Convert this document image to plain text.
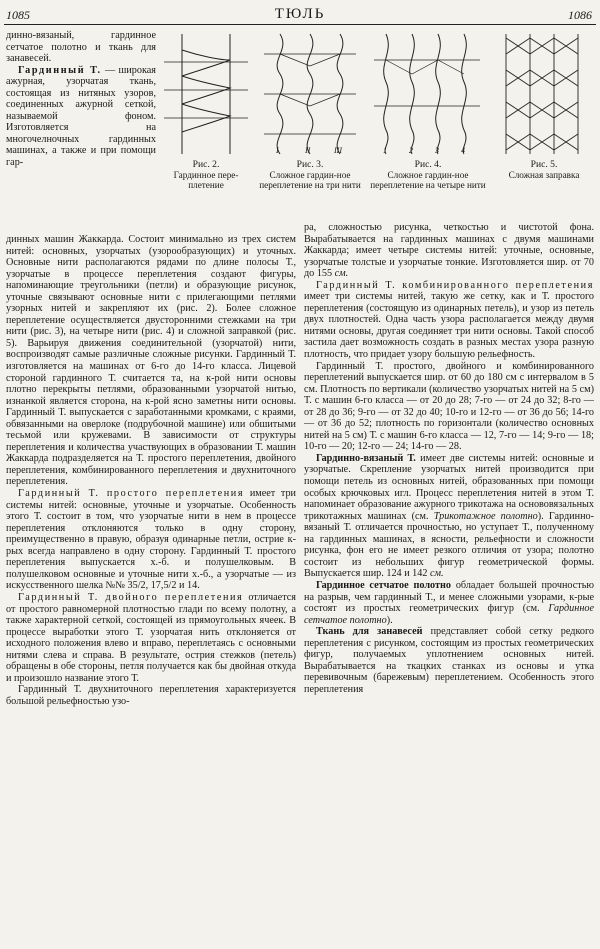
1085	ТЮЛЬ	1086

динно-вязаный, гардинное сетчатое полотно и ткань для занавесей.

Гардинный Т. — широкая ажурная, узорчатая ткань, состоящая из нитяных узоров, соединенных ажурной сеткой, называемой фоном. Изготовляется на многочелночных гардинных машинах, а также и при помощи гар-	Рис. 2.
Гардинное пере-плетение
I	II	III
Рис. 3.
Сложное гардин-ное переплетение на три нити
1	2	3	4
Рис. 4.
Сложное гардин-ное переплетение на четыре нити
Рис. 5.
Сложная заправка

динных машин Жаккарда. Состоит минимально из трех систем нитей: основных, узорчатых (узорообразующих) и уточных. Основные нити располагаются рядами по длине полосы Т., узорчатые в процессе переплетения создают фигуры, напоминающие треугольники (петли) и образующие рисунок, уточные связывают основные нити с прилегающими петлями узорных нитей и закрепляют их (рис. 2). Более сложное переплетение осуществляется двусторонними стежками на три нити (рис. 3), на четыре нити (рис. 4) и сложной заправкой (рис. 5). Варьируя движения соединительной (узорчатой) нити, воспроизводят самые различные сложные рисунки. Гардинный Т. изготовляется на машинах от 6-го до 14-го класса. Лицевой стороной гардинного Т. считается та, на к-рой нити основы плотно перекрыты петлями, образованными узорчатой нитью, изнанкой является сторона, на к-рой ясно заметны нити основы. Гардинный Т. выпускается с заработанными кромками, с краями, обвязанными на оверлоке (подрубочной машине) или обшитыми тесьмой или кружевами. В зависимости от структуры переплетения и количества участвующих в образовании Т. машин Жаккарда подразделяется на Т. простого переплетения, двойного переплетения, комбинированного переплетения и двухниточного переплетения.

Гардинный Т. простого переплетения имеет три системы нитей: основные, уточные и узорчатые. Особенность этого Т. состоит в том, что узорчатые нити в нем в процессе переплетения отклоняются только в одну сторону, преимущественно в правую, образуя одинарные петли, острие к-рых всегда направлено в одну сторону. Гардинный Т. простого переплетения выпускается х.-б. и полушелковым. В полушелковом основные и уточные нити х.-б., а узорчатые — из искусственного шелка №№ 35/2, 17,5/2 и 14.

Гардинный Т. двойного переплетения отличается от простого равномерной плотностью глади по всему полотну, а также характерной сеткой, состоящей из прямоугольных ячеек. В процессе выработки этого Т. узорчатая нить отклоняется от исходного положения влево и вправо, переплетаясь с основными нитями слева и справа. В результате, острия стежков (петель) обращены в обе стороны, петля получается как бы двойная откуда и произошло название этого Т.

Гардинный Т. двухниточного переплетения характеризуется большой рельефностью узо-

ра, сложностью рисунка, четкостью и чистотой фона. Вырабатывается на гардинных машинах с двумя машинами Жаккарда; имеет четыре системы нитей: уточные, основные, узорчатые толстые и узорчатые тонкие. Изготовляется шир. от 70 до 155 см.

Гардинный Т. комбинированного переплетения имеет три системы нитей, такую же сетку, как и Т. простого переплетения (состоящую из одинарных петель), и узор из петель двух плотностей. Одна часть узора располагается между двумя нитями основы, другая соединяет три нити основы. Такой способ застила дает возможность создать в разных местах узора разную плотность, что придает узору большую рельефность.

Гардинный Т. простого, двойного и комбинированного переплетений выпускается шир. от 60 до 180 см с интервалом в 5 см. Плотность по вертикали (количество узорчатых нитей на 5 см) Т. с машин 6-го класса — от 20 до 28; 7-го — от 24 до 32; 8-го — от 28 до 36; 9-го — от 32 до 40; 10-го и 12-го — от 36 до 56; 14-го — от 36 до 52; плотность по горизонтали (количество основных нитей на 5 см) Т. с машин 6-го класса — 12, 7-го — 14; 9-го — 18; 10-го — 20; 12-го — 24; 14-го — 28.

Гардинно-вязаный Т. имеет две системы нитей: основные и узорчатые. Скрепление узорчатых нитей производится при помощи петель из основных нитей, образованных при помощи особых крючковых игл. Процесс переплетения нитей в этом Т. напоминает образование ажурного трикотажа на основовязальных трикотажных машинах (см. Трикотажное полотно). Гардинно-вязаный Т. отличается прочностью, но уступает Т., полученному на гардинных машинах, в ясности, рельефности и сложности рисунка, фон его не имеет резкого отличия от узора; полотно состоит из небольших фигур геометрической формы. Выпускается шир. 124 и 142 см.

Гардинное сетчатое полотно обладает большей прочностью на разрыв, чем гардинный Т., и менее сложными узорами, к-рые состоят из простых геометрических фигур (см. Гардинное сетчатое полотно).

Ткань для занавесей представляет собой сетку редкого переплетения с рисунком, состоящим из простых геометрических фигур, получаемых уплотнением основных нитей. Вырабатывается на ткацких станках из основы и утка перевивочным (барежевым) переплетением. Особенность этого переплетения
